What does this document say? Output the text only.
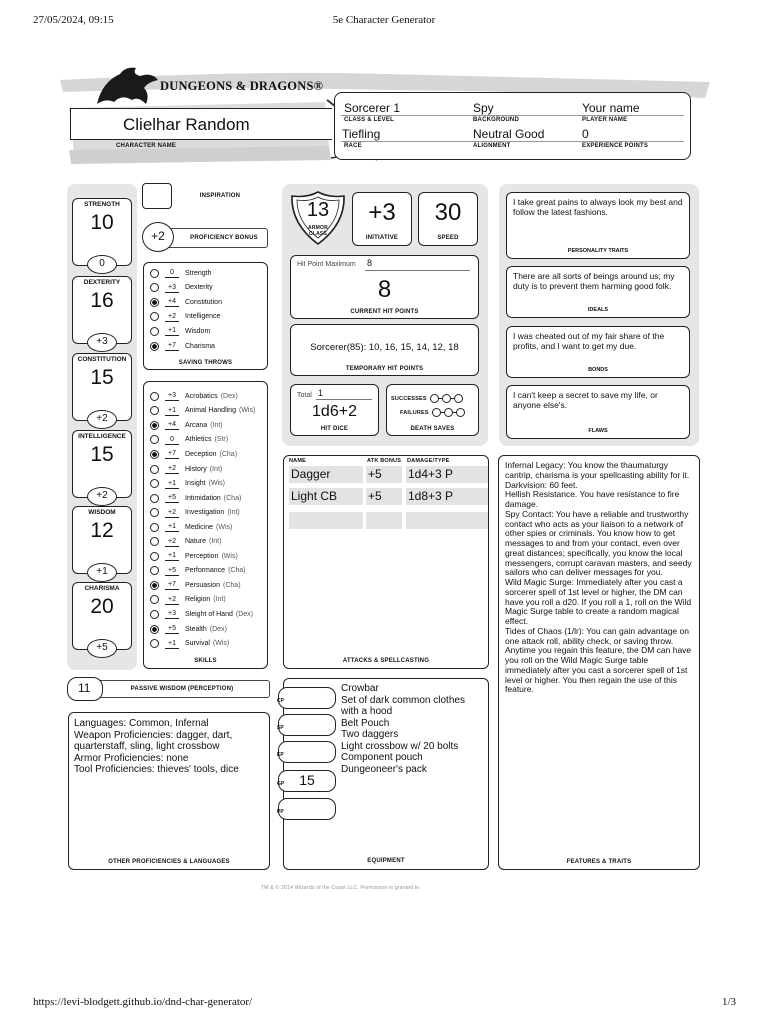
27/05/2024, 09:15	5e Character Generator
DUNGEONS & DRAGONS®
Clielhar Random
CHARACTER NAME
Sorcerer 1	Spy	Your name
CLASS & LEVEL	BACKGROUND	PLAYER NAME
Tiefling	Neutral Good	0
RACE	ALIGNMENT	EXPERIENCE POINTS
STRENGTH
10
0
DEXTERITY
16
+3
CONSTITUTION
15
+2
INTELLIGENCE
15
+2
WISDOM
12
+1
CHARISMA
20
+5
INSPIRATION
+2	PROFICIENCY BONUS
0	Strength
+3	Dexterity
+4	Constitution
+2	Intelligence
+1	Wisdom
+7	Charisma
SAVING THROWS
+3	Acrobatics (Dex)
+1	Animal Handling (Wis)
+4	Arcana (Int)
0	Athletics (Str)
+7	Deception (Cha)
+2	History (Int)
+1	Insight (Wis)
+5	Intimidation (Cha)
+2	Investigation (Int)
+1	Medicine (Wis)
+2	Nature (Int)
+1	Perception (Wis)
+5	Performance (Cha)
+7	Persuasion (Cha)
+2	Religion (Int)
+3	Sleight of Hand (Dex)
+5	Stealth (Dex)
+1	Survival (Wis)
SKILLS
11	PASSIVE WISDOM (PERCEPTION)
Languages: Common, Infernal
Weapon Proficiencies: dagger, dart, quarterstaff, sling, light crossbow
Armor Proficiencies: none
Tool Proficiencies: thieves' tools, dice
OTHER PROFICIENCIES & LANGUAGES
13
ARMOR CLASS
+3
INITIATIVE
30
SPEED
Hit Point Maximum 8
8
CURRENT HIT POINTS
Sorcerer(85): 10, 16, 15, 14, 12, 18
TEMPORARY HIT POINTS
Total 1
1d6+2
HIT DICE
SUCCESSES
FAILURES
DEATH SAVES
NAME	ATK BONUS DAMAGE/TYPE
Dagger	+5	1d4+3 P
Light CB	+5	1d8+3 P
ATTACKS & SPELLCASTING
CP
SP
EP
GP 15
PP
Crowbar
Set of dark common clothes with a hood
Belt Pouch
Two daggers
Light crossbow w/ 20 bolts
Component pouch
Dungeoneer's pack
EQUIPMENT
I take great pains to always look my best and follow the latest fashions.
PERSONALITY TRAITS
There are all sorts of beings around us; my duty is to prevent them harming good folk.
IDEALS
I was cheated out of my fair share of the profits, and I want to get my due.
BONDS
I can't keep a secret to save my life, or anyone else's.
FLAWS
Infernal Legacy: You know the thaumaturgy cantrip, charisma is your spellcasting ability for it.
Darkvision: 60 feet.
Hellish Resistance. You have resistance to fire damage.
Spy Contact: You have a reliable and trustworthy contact who acts as your liaison to a network of other spies or criminals. You know how to get messages to and from your contact, even over great distances; specifically, you know the local messengers, corrupt caravan masters, and seedy sailors who can deliver messages for you.
Wild Magic Surge: Immediately after you cast a sorcerer spell of 1st level or higher, the DM can have you roll a d20. If you roll a 1, roll on the Wild Magic Surge table to create a random magical effect.
Tides of Chaos (1/lr): You can gain advantage on one attack roll, ability check, or saving throw. Anytime you regain this feature, the DM can have you roll on the Wild Magic Surge table immediately after you cast a sorcerer spell of 1st level or higher. You then regain the use of this feature.
FEATURES & TRAITS
TM & © 2014 Wizards of the Coast LLC. Permission is granted to
https://levi-blodgett.github.io/dnd-char-generator/	1/3
